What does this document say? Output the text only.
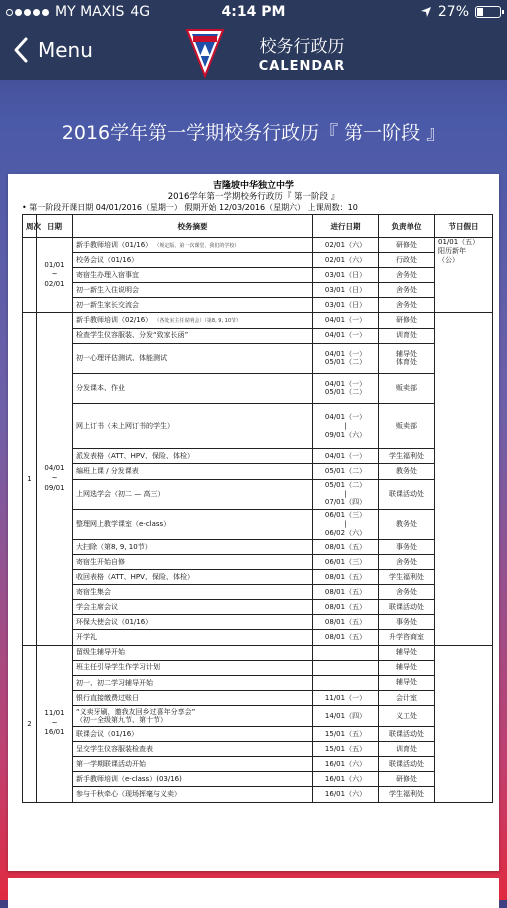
MY MAXIS 4G	4:14 PM	27%
Menu	校务行政历
CALENDAR
2016学年第一学期校务行政历『 第一阶段 』
吉隆坡中华独立中学
2016学年第一学期校务行政历『 第一阶段 』
• 第一阶段开课日期 04/01/2016（星期一） 假期开始 12/03/2016（星期六） 上课周数：10
周次	日期	校务摘要	进行日期	负责单位	节日假日
	01/01
~
02/01	新手教师培训（01/16） （规定版、第一次课堂、我们的学校）	02/01（六）	研修处	01/01（五）
阳历新年
（公）
		校务会议（01/16）	02/01（六）	行政处	
		寄宿生办理入宿事宜	03/01（日）	舍务处	
		初一新生入住说明会	03/01（日）	舍务处	
		初一新生家长交流会	03/01（日）	舍务处	
1	04/01
~
09/01	新手教师培训（02/16） （各处室主任说明会）（第8, 9, 10节）	04/01（一）	研修处	
		检查学生仪容服装、分发“致家长函”	04/01（一）	训育处	
		初一心理评估测试、体能测试	04/01（一）
05/01（二）	辅导处
体育处	
		分发课本、作业	04/01（一）
05/01（二）	贩卖部	
		网上订书（未上网订书的学生）	04/01（一）
|
09/01（六）	贩卖部	
		派发表格（ATT、HPV、保险、体检）	04/01（一）	学生福利处	
		编班上课 / 分发课表	05/01（二）	教务处	
		上网选学会（初二 — 高三）	05/01（二）
|
07/01（四）	联课活动处	
		整理网上教学课室（e-class）	06/01（三）
|
06/02（六）	教务处	
		大扫除（第8, 9, 10节）	08/01（五）	事务处	
		寄宿生开始自修	06/01（三）	舍务处	
		收回表格（ATT、HPV、保险、体检）	08/01（五）	学生福利处	
		寄宿生集会	08/01（五）	舍务处	
		学会主席会议	08/01（五）	联课活动处	
		环保大使会议（01/16）	08/01（五）	事务处	
		开学礼	08/01（五）	升学咨商室	
2	11/01
~
16/01	留级生辅导开始		辅导处	
		班主任引导学生作学习计划		辅导处	
		初一、初二学习辅导开始		辅导处	
		银行直接缴费过账日	11/01（一）	会计室	
		“义卖牙刷，邀我友回乡过喜年分享会”
（初一全级第九节、第十节）	14/01（四）	义工处	
		联课会议（01/16）	15/01（五）	联课活动处	
		呈交学生仪容服装检查表	15/01（五）	训育处	
		第一学期联课活动开始	16/01（六）	联课活动处	
		新手教师培训（e-class）(03/16)	16/01（六）	研修处	
		参与千秋牵心（现场挥毫与义卖）	16/01（六）	学生福利处	
